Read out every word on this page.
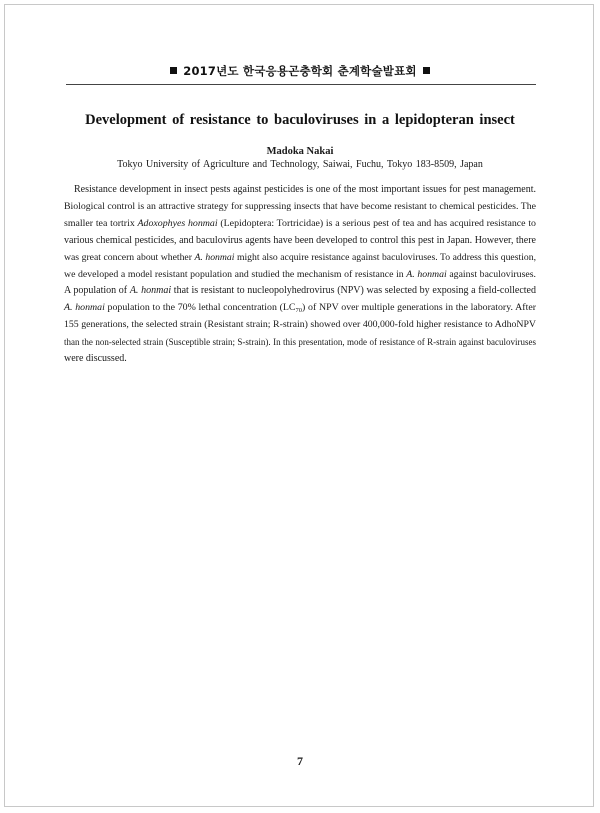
2017년도 한국응용곤충학회 춘계학술발표회
Development of resistance to baculoviruses in a lepidopteran insect
Madoka Nakai
Tokyo University of Agriculture and Technology, Saiwai, Fuchu, Tokyo 183-8509, Japan
Resistance development in insect pests against pesticides is one of the most important issues for pest management.
Biological control is an attractive strategy for suppressing insects that have become resistant to chemical pesticides. The
smaller tea tortrix Adoxophyes honmai (Lepidoptera: Tortricidae) is a serious pest of tea and has acquired resistance to
various chemical pesticides, and baculovirus agents have been developed to control this pest in Japan. However, there
was great concern about whether A. honmai might also acquire resistance against baculoviruses. To address this question,
we developed a model resistant population and studied the mechanism of resistance in A. honmai against baculoviruses.
A population of A. honmai that is resistant to nucleopolyhedrovirus (NPV) was selected by exposing a field-collected
A. honmai population to the 70% lethal concentration $(LC_{70})$ of NPV over multiple generations in the laboratory. After
155 generations, the selected strain (Resistant strain; R-strain) showed over 400,000-fold higher resistance to AdhoNPV
than the non-selected strain (Susceptible strain; S-strain). In this presentation, mode of resistance of R-strain against baculoviruses
were discussed.
7
